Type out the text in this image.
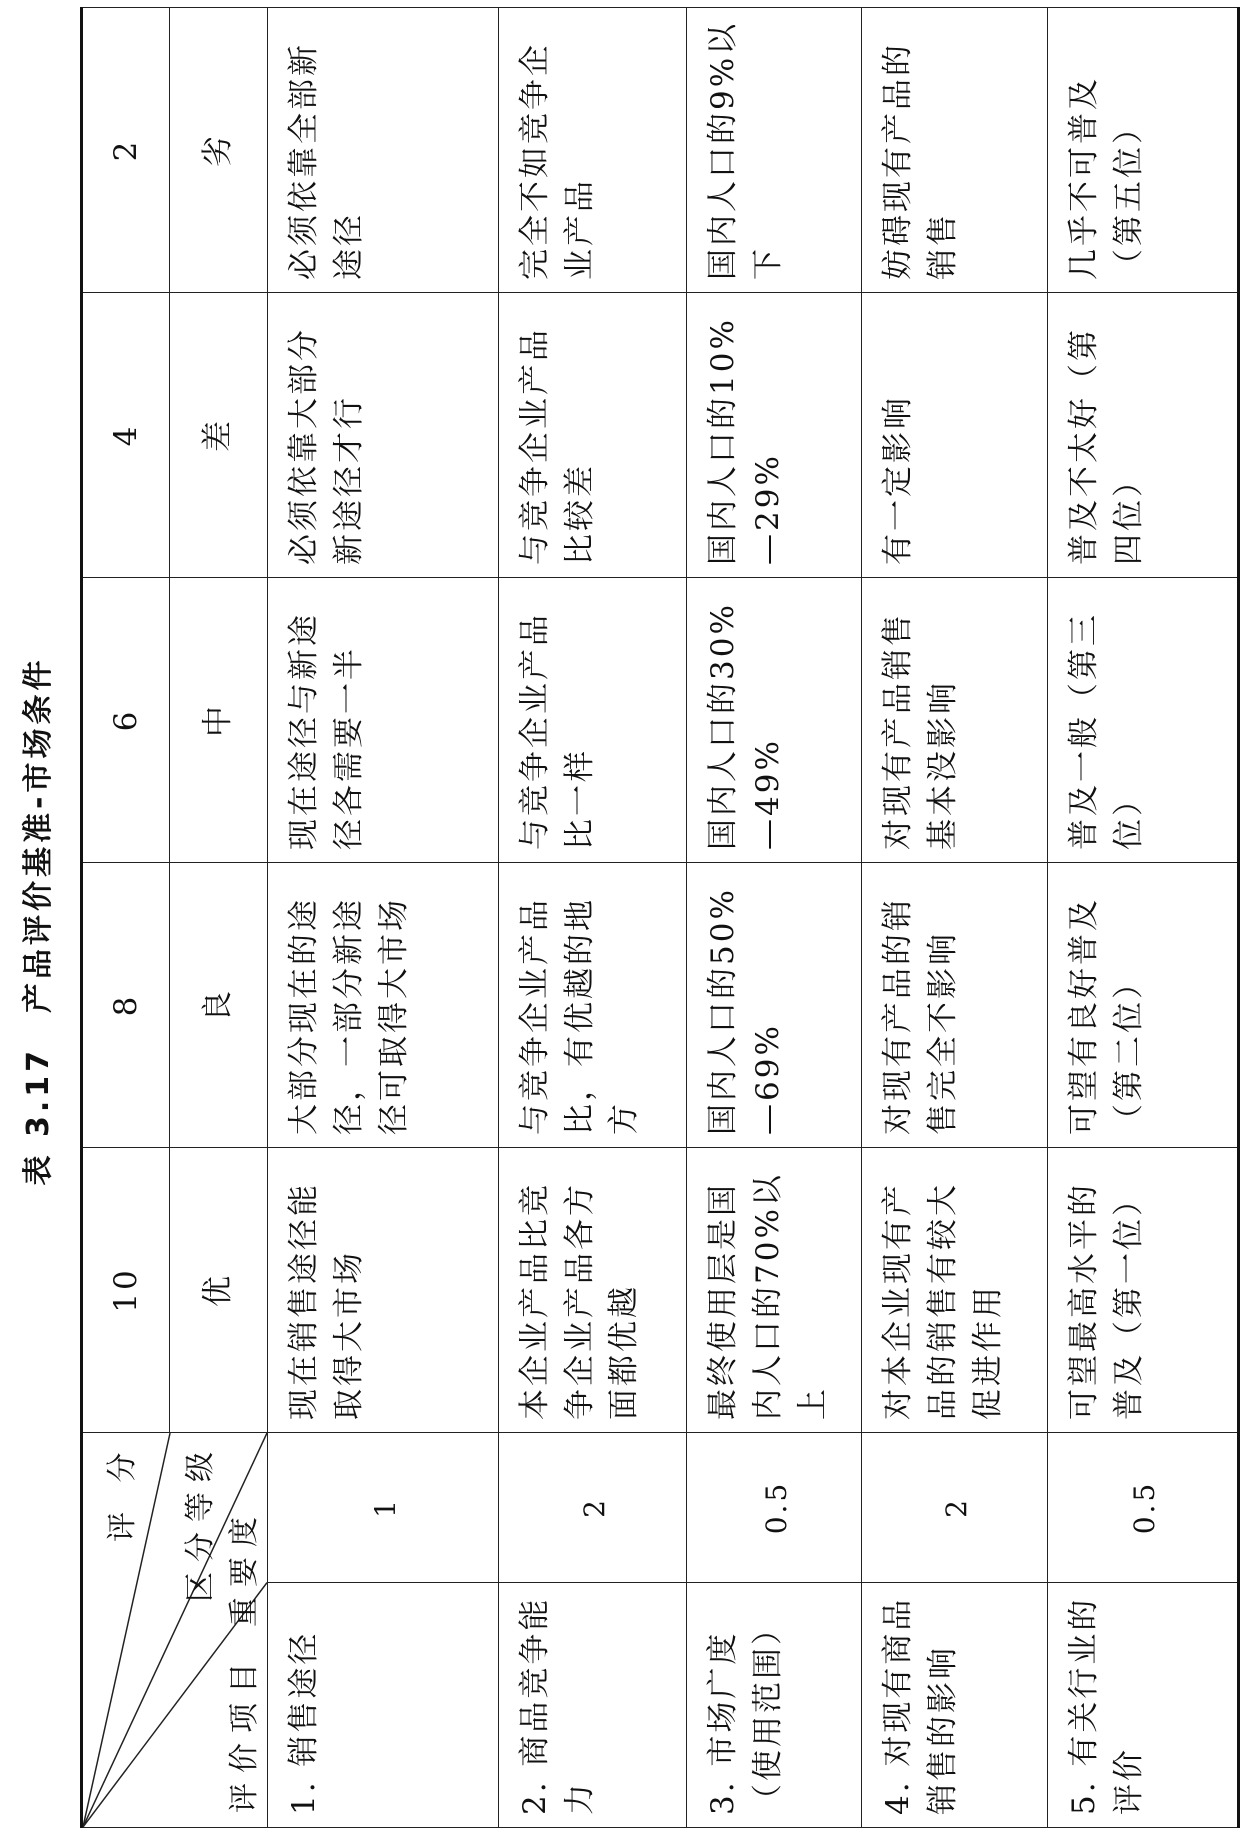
表 3.17　产品评价基准-市场条件
评 分 区分等级 重要度
评价项目		10	8	6	4	2
		优	良	中	差	劣
1. 销售途径	1	现在销售途径能取得大市场	大部分现在的途径，一部分新途径可取得大市场	现在途径与新途径各需要一半	必须依靠大部分新途径才行	必须依靠全部新途径
2. 商品竞争能力	2	本企业产品比竞争企业产品各方面都优越	与竞争企业产品比，有优越的地方	与竞争企业产品比一样	与竞争企业产品比较差	完全不如竞争企业产品
3. 市场广度（使用范围）	0.5	最终使用层是国内人口的70%以上	国内人口的50%—69%	国内人口的30%—49%	国内人口的10%—29%	国内人口的9%以下
4. 对现有商品销售的影响	2	对本企业现有产品的销售有较大促进作用	对现有产品的销售完全不影响	对现有产品销售基本没影响	有一定影响	妨碍现有产品的销售
5. 有关行业的评价	0.5	可望最高水平的普及（第一位）	可望有良好普及（第二位）	普及一般（第三位）	普及不太好（第四位）	几乎不可普及（第五位）
